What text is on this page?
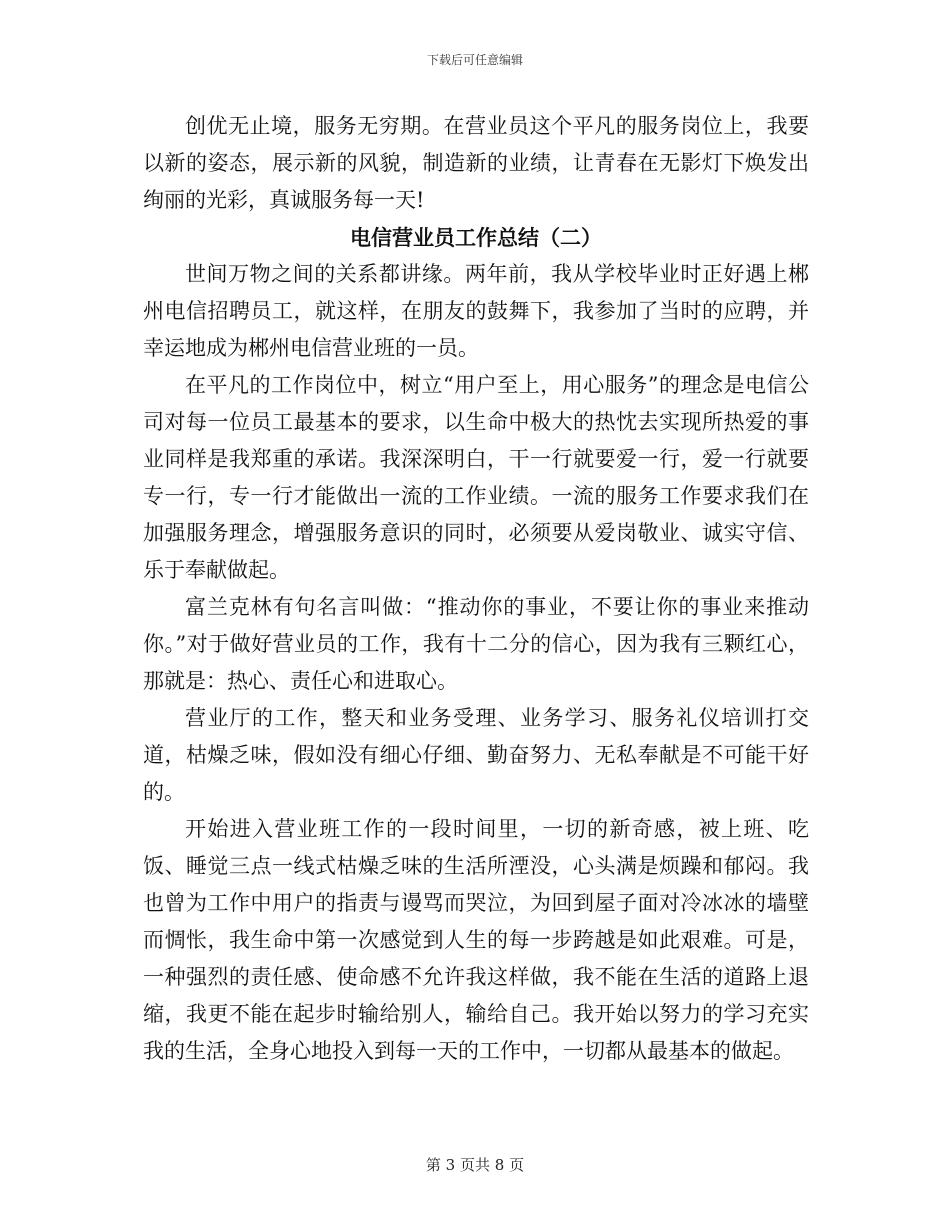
下载后可任意编辑

创优无止境，服务无穷期。在营业员这个平凡的服务岗位上，我要以新的姿态，展示新的风貌，制造新的业绩，让青春在无影灯下焕发出绚丽的光彩，真诚服务每一天!

电信营业员工作总结（二）

世间万物之间的关系都讲缘。两年前，我从学校毕业时正好遇上郴州电信招聘员工，就这样，在朋友的鼓舞下，我参加了当时的应聘，并幸运地成为郴州电信营业班的一员。

在平凡的工作岗位中，树立“用户至上，用心服务”的理念是电信公司对每一位员工最基本的要求，以生命中极大的热忱去实现所热爱的事业同样是我郑重的承诺。我深深明白，干一行就要爱一行，爱一行就要专一行，专一行才能做出一流的工作业绩。一流的服务工作要求我们在加强服务理念，增强服务意识的同时，必须要从爱岗敬业、诚实守信、乐于奉献做起。

富兰克林有句名言叫做：“推动你的事业，不要让你的事业来推动你。”对于做好营业员的工作，我有十二分的信心，因为我有三颗红心，那就是：热心、责任心和进取心。

营业厅的工作，整天和业务受理、业务学习、服务礼仪培训打交道，枯燥乏味，假如没有细心仔细、勤奋努力、无私奉献是不可能干好的。

开始进入营业班工作的一段时间里，一切的新奇感，被上班、吃饭、睡觉三点一线式枯燥乏味的生活所湮没，心头满是烦躁和郁闷。我也曾为工作中用户的指责与谩骂而哭泣，为回到屋子面对冷冰冰的墙壁而惆怅，我生命中第一次感觉到人生的每一步跨越是如此艰难。可是，一种强烈的责任感、使命感不允许我这样做，我不能在生活的道路上退缩，我更不能在起步时输给别人，输给自己。我开始以努力的学习充实我的生活，全身心地投入到每一天的工作中，一切都从最基本的做起。

第 3 页共 8 页
